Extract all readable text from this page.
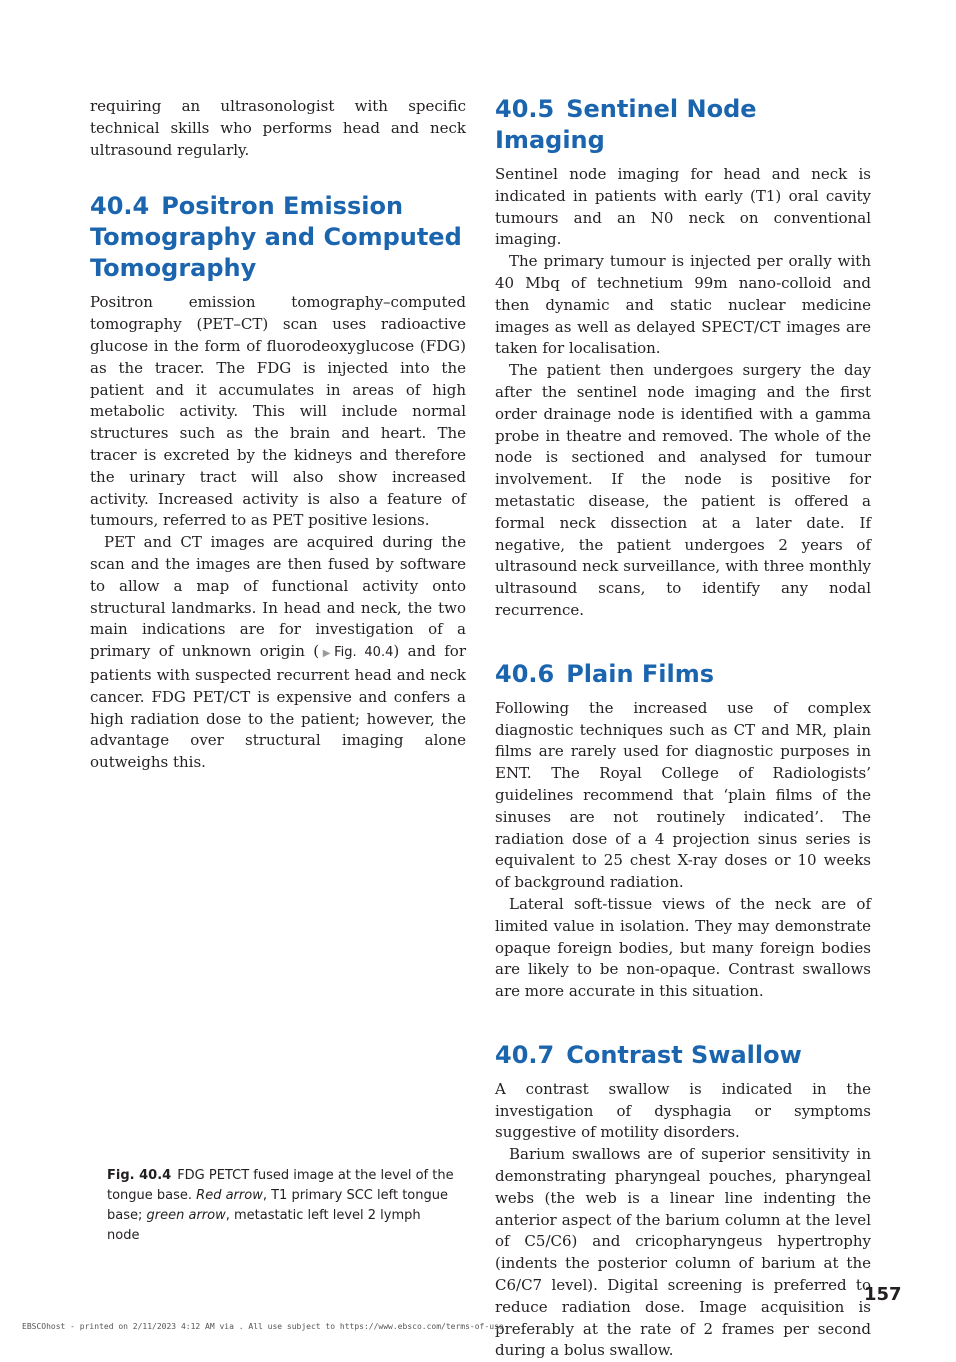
requiring an ultrasonologist with specific technical skills who performs head and neck ultrasound regularly.

40.4 Positron Emission Tomography and Computed Tomography

Positron emission tomography–computed tomography (PET–CT) scan uses radioactive glucose in the form of fluorodeoxyglucose (FDG) as the tracer. The FDG is injected into the patient and it accumulates in areas of high metabolic activity. This will include normal structures such as the brain and heart. The tracer is excreted by the kidneys and therefore the urinary tract will also show increased activity. Increased activity is also a feature of tumours, referred to as PET positive lesions.

PET and CT images are acquired during the scan and the images are then fused by software to allow a map of functional activity onto structural landmarks. In head and neck, the two main indications are for investigation of a primary of unknown origin (▶Fig. 40.4) and for patients with suspected recurrent head and neck cancer. FDG PET/CT is expensive and confers a high radiation dose to the patient; however, the advantage over structural imaging alone outweighs this.

40.5 Sentinel Node Imaging

Sentinel node imaging for head and neck is indicated in patients with early (T1) oral cavity tumours and an N0 neck on conventional imaging.

The primary tumour is injected per orally with 40 Mbq of technetium 99m nano-colloid and then dynamic and static nuclear medicine images as well as delayed SPECT/CT images are taken for localisation.

The patient then undergoes surgery the day after the sentinel node imaging and the first order drainage node is identified with a gamma probe in theatre and removed. The whole of the node is sectioned and analysed for tumour involvement. If the node is positive for metastatic disease, the patient is offered a formal neck dissection at a later date. If negative, the patient undergoes 2 years of ultrasound neck surveillance, with three monthly ultrasound scans, to identify any nodal recurrence.

40.6 Plain Films

Following the increased use of complex diagnostic techniques such as CT and MR, plain films are rarely used for diagnostic purposes in ENT. The Royal College of Radiologists’ guidelines recommend that ‘plain films of the sinuses are not routinely indicated’. The radiation dose of a 4 projection sinus series is equivalent to 25 chest X-ray doses or 10 weeks of background radiation.

Lateral soft-tissue views of the neck are of limited value in isolation. They may demonstrate opaque foreign bodies, but many foreign bodies are likely to be non-opaque. Contrast swallows are more accurate in this situation.

40.7 Contrast Swallow

A contrast swallow is indicated in the investigation of dysphagia or symptoms suggestive of motility disorders.

Barium swallows are of superior sensitivity in demonstrating pharyngeal pouches, pharyngeal webs (the web is a linear line indenting the anterior aspect of the barium column at the level of C5/C6) and cricopharyngeus hypertrophy (indents the posterior column of barium at the C6/C7 level). Digital screening is preferred to reduce radiation dose. Image acquisition is preferably at the rate of 2 frames per second during a bolus swallow.

Fig. 40.4 FDG PETCT fused image at the level of the tongue base. Red arrow, T1 primary SCC left tongue base; green arrow, metastatic left level 2 lymph node
157
EBSCOhost - printed on 2/11/2023 4:12 AM via . All use subject to https://www.ebsco.com/terms-of-use
